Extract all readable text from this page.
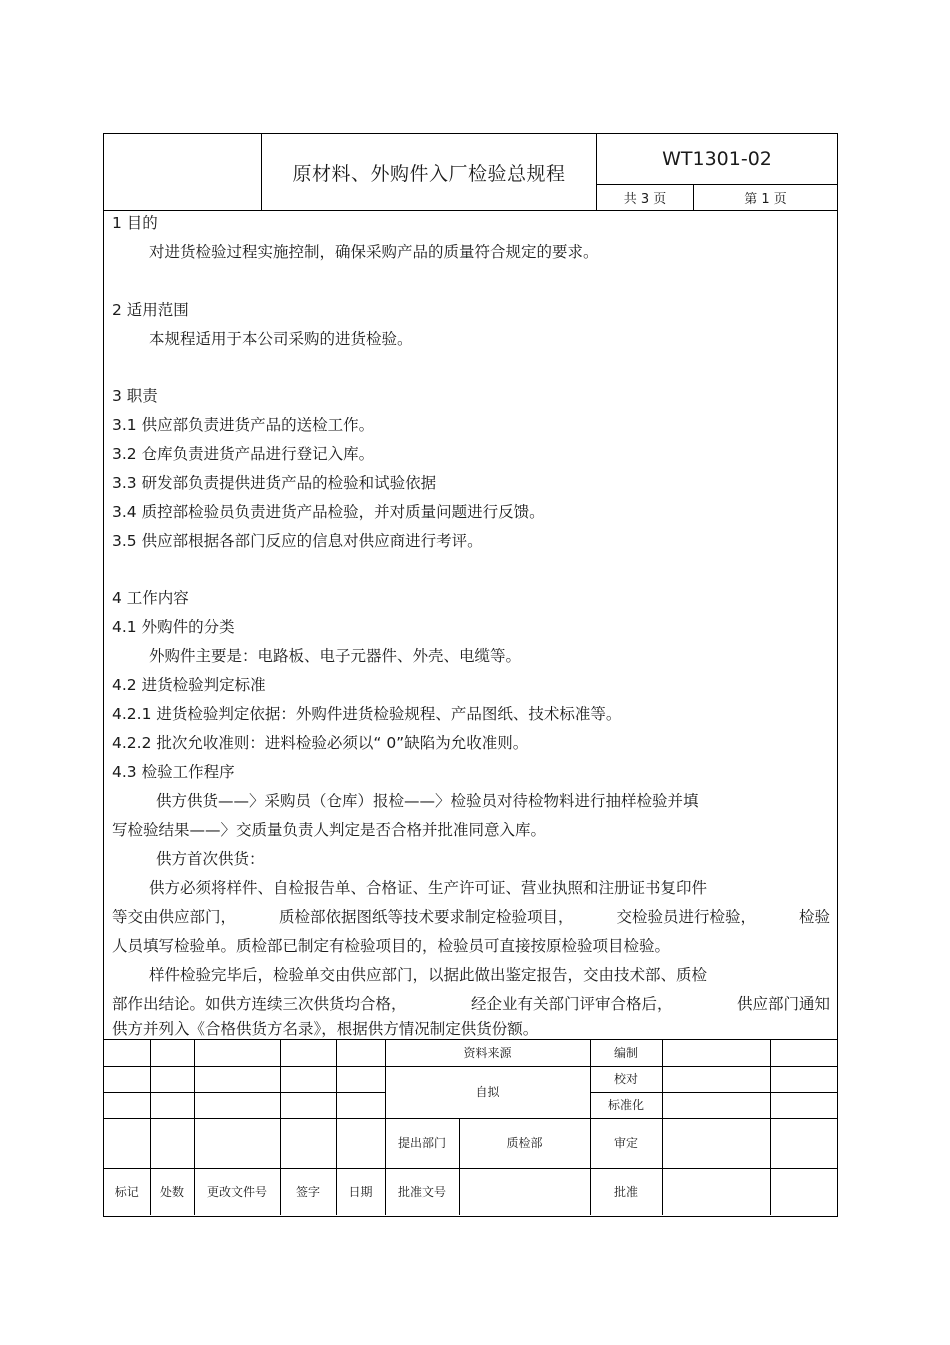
原材料、外购件入厂检验总规程
WT1301-02
共 3 页	第 1 页
1 目的
对进货检验过程实施控制，确保采购产品的质量符合规定的要求。
2 适用范围
本规程适用于本公司采购的进货检验。
3 职责
3.1 供应部负责进货产品的送检工作。
3.2 仓库负责进货产品进行登记入库。
3.3 研发部负责提供进货产品的检验和试验依据
3.4 质控部检验员负责进货产品检验，并对质量问题进行反馈。
3.5 供应部根据各部门反应的信息对供应商进行考评。
4 工作内容
4.1 外购件的分类
外购件主要是：电路板、电子元器件、外壳、电缆等。
4.2 进货检验判定标准
4.2.1 进货检验判定依据：外购件进货检验规程、产品图纸、技术标准等。
4.2.2 批次允收准则：进料检验必须以“ 0”缺陷为允收准则。
4.3 检验工作程序
供方供货——〉采购员（仓库）报检——〉检验员对待检物料进行抽样检验并填
写检验结果——〉交质量负责人判定是否合格并批准同意入库。
供方首次供货：
供方必须将样件、自检报告单、合格证、生产许可证、营业执照和注册证书复印件
等交由供应部门，	质检部依据图纸等技术要求制定检验项目，	交检验员进行检验，	检验
人员填写检验单。质检部已制定有检验项目的，检验员可直接按原检验项目检验。
样件检验完毕后，检验单交由供应部门，以据此做出鉴定报告，交由技术部、质检
部作出结论。如供方连续三次供货均合格，	经企业有关部门评审合格后，	供应部门通知
供方并列入《合格供货方名录》，根据供方情况制定供货份额。
					资料来源		编制		
					自拟		校对		
							标准化		
					提出部门	质检部	审定		
标记	处数	更改文件号	签字	日期	批准文号		批准		
